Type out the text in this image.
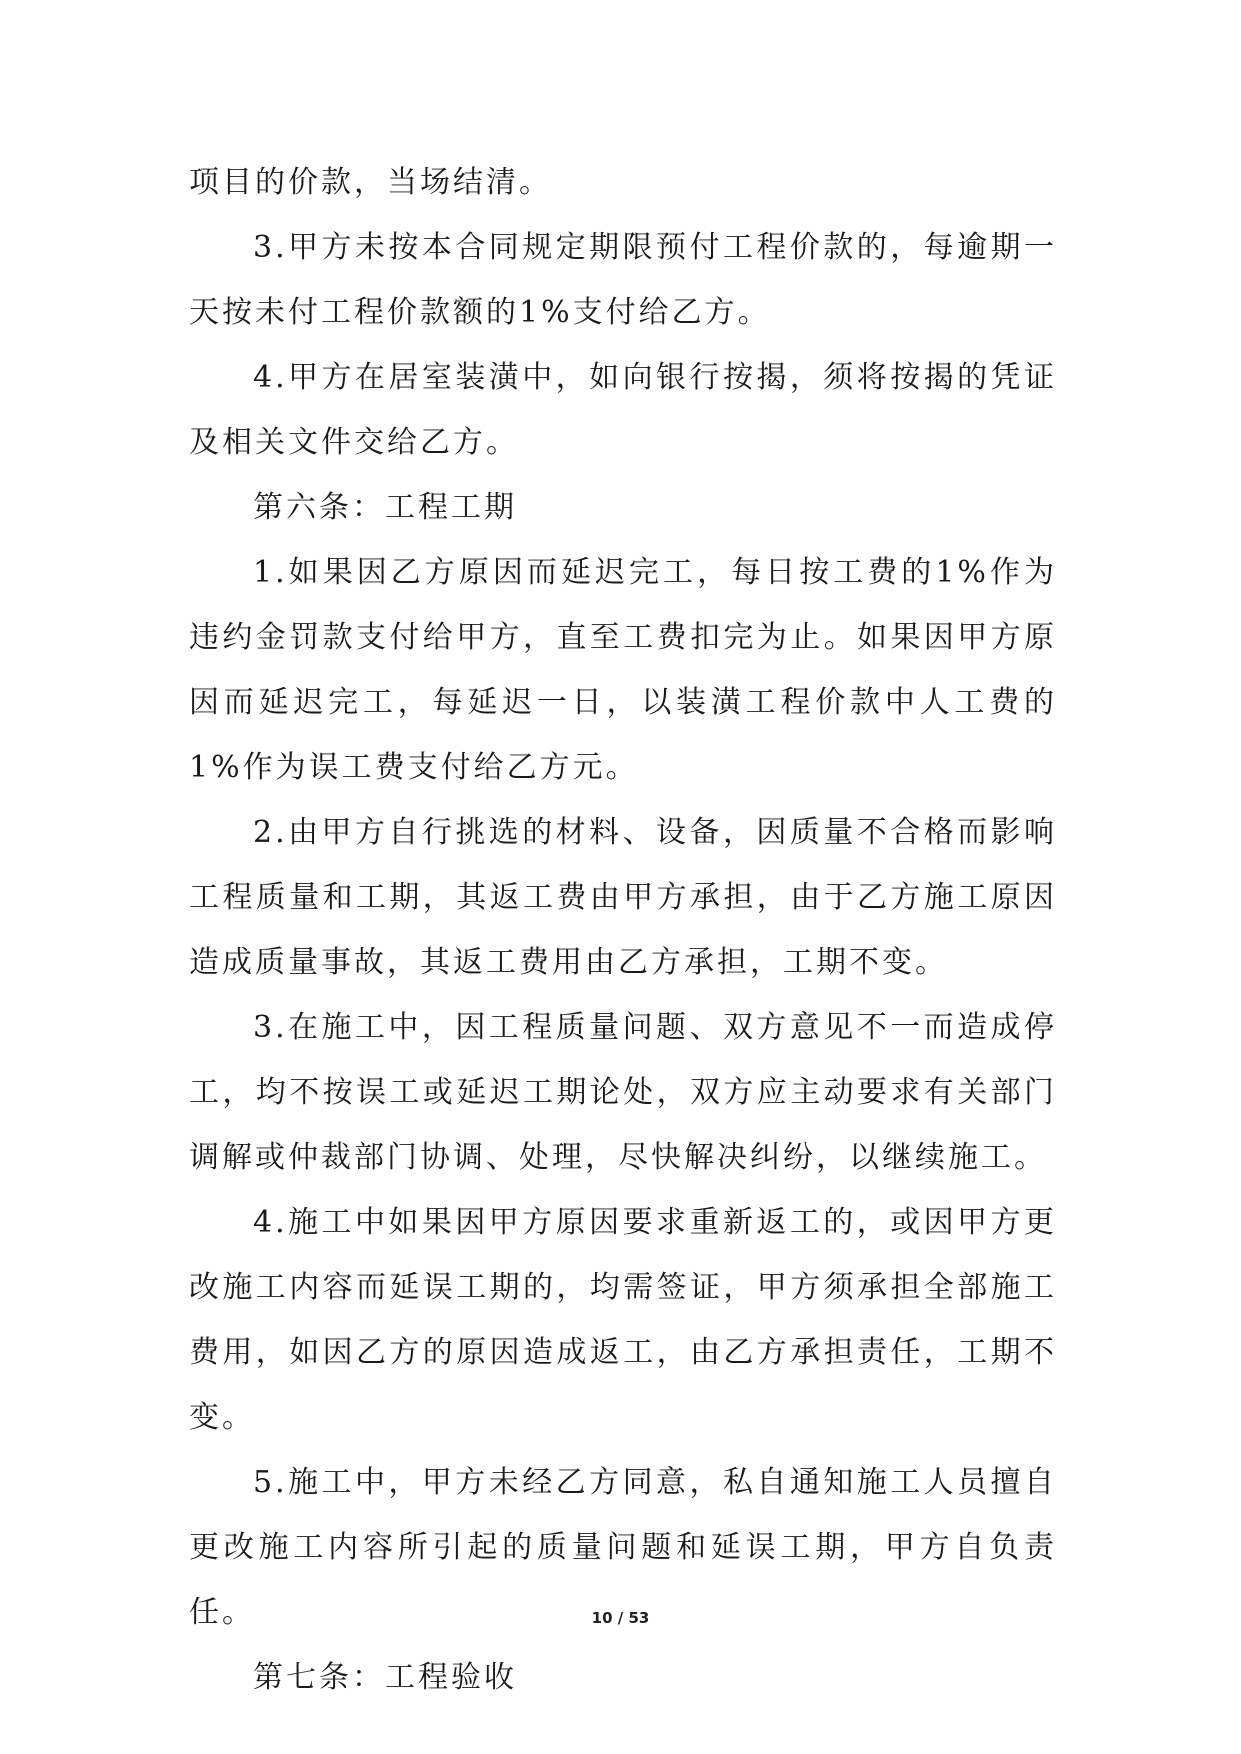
项目的价款，当场结清。

3.甲方未按本合同规定期限预付工程价款的，每逾期一天按未付工程价款额的1%支付给乙方。

4.甲方在居室装潢中，如向银行按揭，须将按揭的凭证及相关文件交给乙方。

第六条：工程工期

1.如果因乙方原因而延迟完工，每日按工费的1%作为违约金罚款支付给甲方，直至工费扣完为止。如果因甲方原因而延迟完工，每延迟一日，以装潢工程价款中人工费的1%作为误工费支付给乙方元。

2.由甲方自行挑选的材料、设备，因质量不合格而影响工程质量和工期，其返工费由甲方承担，由于乙方施工原因造成质量事故，其返工费用由乙方承担，工期不变。

3.在施工中，因工程质量问题、双方意见不一而造成停工，均不按误工或延迟工期论处，双方应主动要求有关部门调解或仲裁部门协调、处理，尽快解决纠纷，以继续施工。

4.施工中如果因甲方原因要求重新返工的，或因甲方更改施工内容而延误工期的，均需签证，甲方须承担全部施工费用，如因乙方的原因造成返工，由乙方承担责任，工期不变。

5.施工中，甲方未经乙方同意，私自通知施工人员擅自更改施工内容所引起的质量问题和延误工期，甲方自负责任。

第七条：工程验收

10 / 53
